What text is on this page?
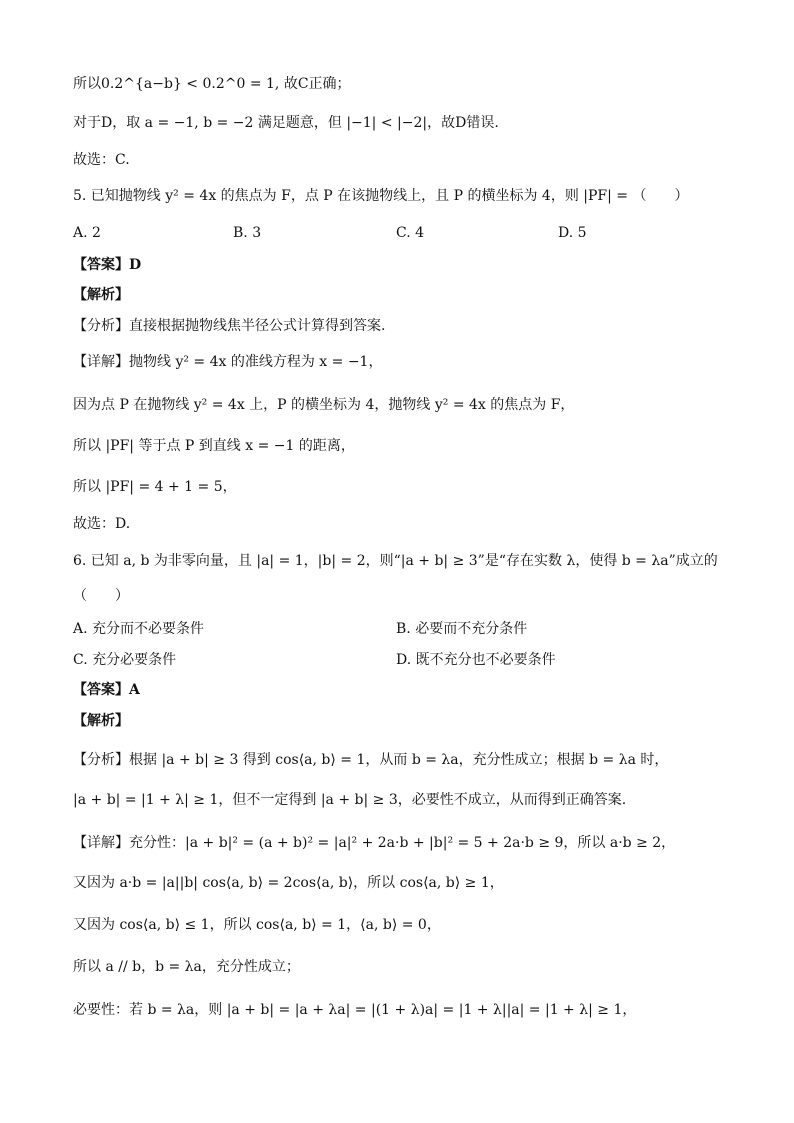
所以0.2^{a−b} < 0.2^0 = 1, 故C正确；
对于D，取 a = −1, b = −2 满足题意，但 |−1| < |−2|，故D错误.
故选：C.
5. 已知抛物线 y² = 4x 的焦点为 F，点 P 在该抛物线上，且 P 的横坐标为 4，则 |PF| = （　　）
A. 2	B. 3	C. 4	D. 5
【答案】D
【解析】
【分析】直接根据抛物线焦半径公式计算得到答案.
【详解】抛物线 y² = 4x 的准线方程为 x = −1，
因为点 P 在抛物线 y² = 4x 上，P 的横坐标为 4，抛物线 y² = 4x 的焦点为 F，
所以 |PF| 等于点 P 到直线 x = −1 的距离，
所以 |PF| = 4 + 1 = 5，
故选：D.
6. 已知 a, b 为非零向量，且 |a| = 1，|b| = 2，则“|a + b| ≥ 3”是“存在实数 λ，使得 b = λa”成立的
（　　）
A. 充分而不必要条件	B. 必要而不充分条件
C. 充分必要条件	D. 既不充分也不必要条件
【答案】A
【解析】
【分析】根据 |a + b| ≥ 3 得到 cos⟨a, b⟩ = 1，从而 b = λa，充分性成立；根据 b = λa 时，
|a + b| = |1 + λ| ≥ 1，但不一定得到 |a + b| ≥ 3，必要性不成立，从而得到正确答案.
【详解】充分性：|a + b|² = (a + b)² = |a|² + 2a·b + |b|² = 5 + 2a·b ≥ 9，所以 a·b ≥ 2，
又因为 a·b = |a||b| cos⟨a, b⟩ = 2cos⟨a, b⟩，所以 cos⟨a, b⟩ ≥ 1，
又因为 cos⟨a, b⟩ ≤ 1，所以 cos⟨a, b⟩ = 1，⟨a, b⟩ = 0，
所以 a // b，b = λa，充分性成立；
必要性：若 b = λa，则 |a + b| = |a + λa| = |(1 + λ)a| = |1 + λ||a| = |1 + λ| ≥ 1，
